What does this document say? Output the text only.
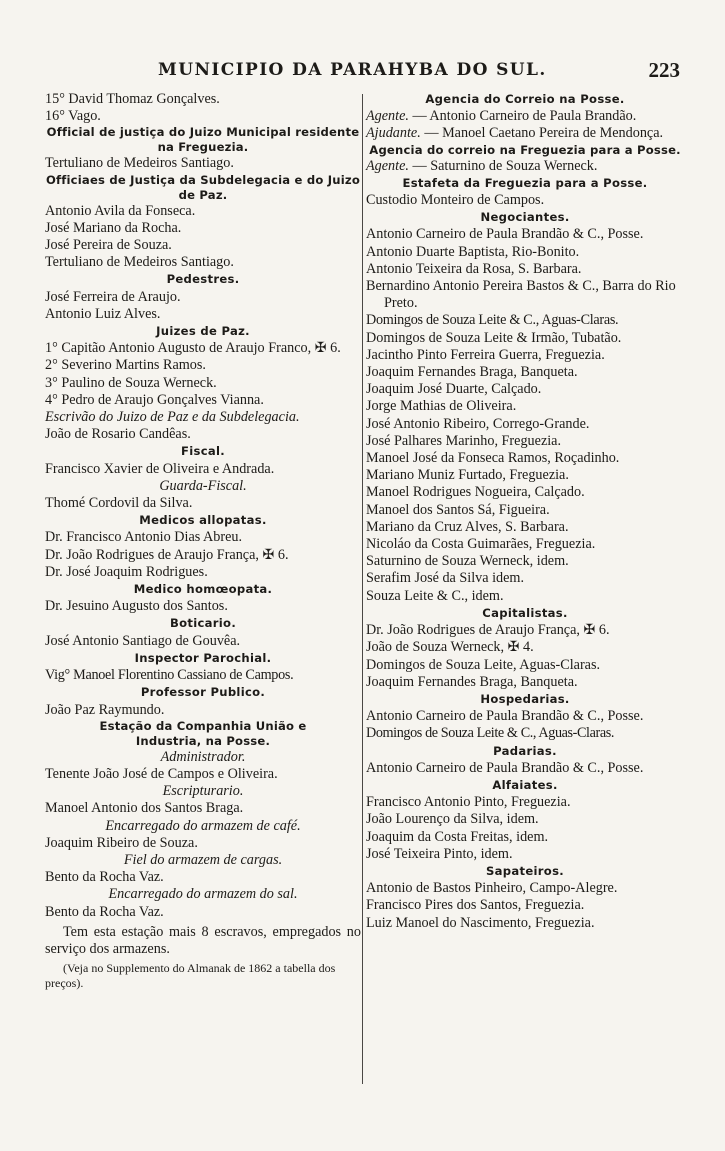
MUNICIPIO DA PARAHYBA DO SUL.	223
15° David Thomaz Gonçalves.
16° Vago.
Official de justiça do Juizo Municipal residente na Freguezia.
Tertuliano de Medeiros Santiago.
Officiaes de Justiça da Subdelegacia e do Juizo de Paz.
Antonio Avila da Fonseca.
José Mariano da Rocha.
José Pereira de Souza.
Tertuliano de Medeiros Santiago.
Pedestres.
José Ferreira de Araujo.
Antonio Luiz Alves.
Juizes de Paz.
1° Capitão Antonio Augusto de Araujo Franco, ✠ 6.
2° Severino Martins Ramos.
3° Paulino de Souza Werneck.
4° Pedro de Araujo Gonçalves Vianna.
Escrivão do Juizo de Paz e da Subdelegacia.
João de Rosario Candêas.
Fiscal.
Francisco Xavier de Oliveira e Andrada.
Guarda-Fiscal.
Thomé Cordovil da Silva.
Medicos allopatas.
Dr. Francisco Antonio Dias Abreu.
Dr. João Rodrigues de Araujo França, ✠ 6.
Dr. José Joaquim Rodrigues.
Medico homœopata.
Dr. Jesuino Augusto dos Santos.
Boticario.
José Antonio Santiago de Gouvêa.
Inspector Parochial.
Vig° Manoel Florentino Cassiano de Campos.
Professor Publico.
João Paz Raymundo.
Estação da Companhia União e Industria, na Posse.
Administrador.
Tenente João José de Campos e Oliveira.
Escripturario.
Manoel Antonio dos Santos Braga.
Encarregado do armazem de café.
Joaquim Ribeiro de Souza.
Fiel do armazem de cargas.
Bento da Rocha Vaz.
Encarregado do armazem do sal.
Bento da Rocha Vaz.
Tem esta estação mais 8 escravos, empregados no serviço dos armazens.
(Veja no Supplemento do Almanak de 1862 a tabella dos preços).
Agencia do Correio na Posse.
Agente. — Antonio Carneiro de Paula Brandão.
Ajudante. — Manoel Caetano Pereira de Mendonça.
Agencia do correio na Freguezia para a Posse.
Agente. — Saturnino de Souza Werneck.
Estafeta da Freguezia para a Posse.
Custodio Monteiro de Campos.
Negociantes.
Antonio Carneiro de Paula Brandão & C., Posse.
Antonio Duarte Baptista, Rio-Bonito.
Antonio Teixeira da Rosa, S. Barbara.
Bernardino Antonio Pereira Bastos & C., Barra do Rio Preto.
Domingos de Souza Leite & C., Aguas-Claras.
Domingos de Souza Leite & Irmão, Tubatão.
Jacintho Pinto Ferreira Guerra, Freguezia.
Joaquim Fernandes Braga, Banqueta.
Joaquim José Duarte, Calçado.
Jorge Mathias de Oliveira.
José Antonio Ribeiro, Corrego-Grande.
José Palhares Marinho, Freguezia.
Manoel José da Fonseca Ramos, Roçadinho.
Mariano Muniz Furtado, Freguezia.
Manoel Rodrigues Nogueira, Calçado.
Manoel dos Santos Sá, Figueira.
Mariano da Cruz Alves, S. Barbara.
Nicoláo da Costa Guimarães, Freguezia.
Saturnino de Souza Werneck, idem.
Serafim José da Silva idem.
Souza Leite & C., idem.
Capitalistas.
Dr. João Rodrigues de Araujo França, ✠ 6.
João de Souza Werneck, ✠ 4.
Domingos de Souza Leite, Aguas-Claras.
Joaquim Fernandes Braga, Banqueta.
Hospedarias.
Antonio Carneiro de Paula Brandão & C., Posse.
Domingos de Souza Leite & C., Aguas-Claras.
Padarias.
Antonio Carneiro de Paula Brandão & C., Posse.
Alfaiates.
Francisco Antonio Pinto, Freguezia.
João Lourenço da Silva, idem.
Joaquim da Costa Freitas, idem.
José Teixeira Pinto, idem.
Sapateiros.
Antonio de Bastos Pinheiro, Campo-Alegre.
Francisco Pires dos Santos, Freguezia.
Luiz Manoel do Nascimento, Freguezia.
